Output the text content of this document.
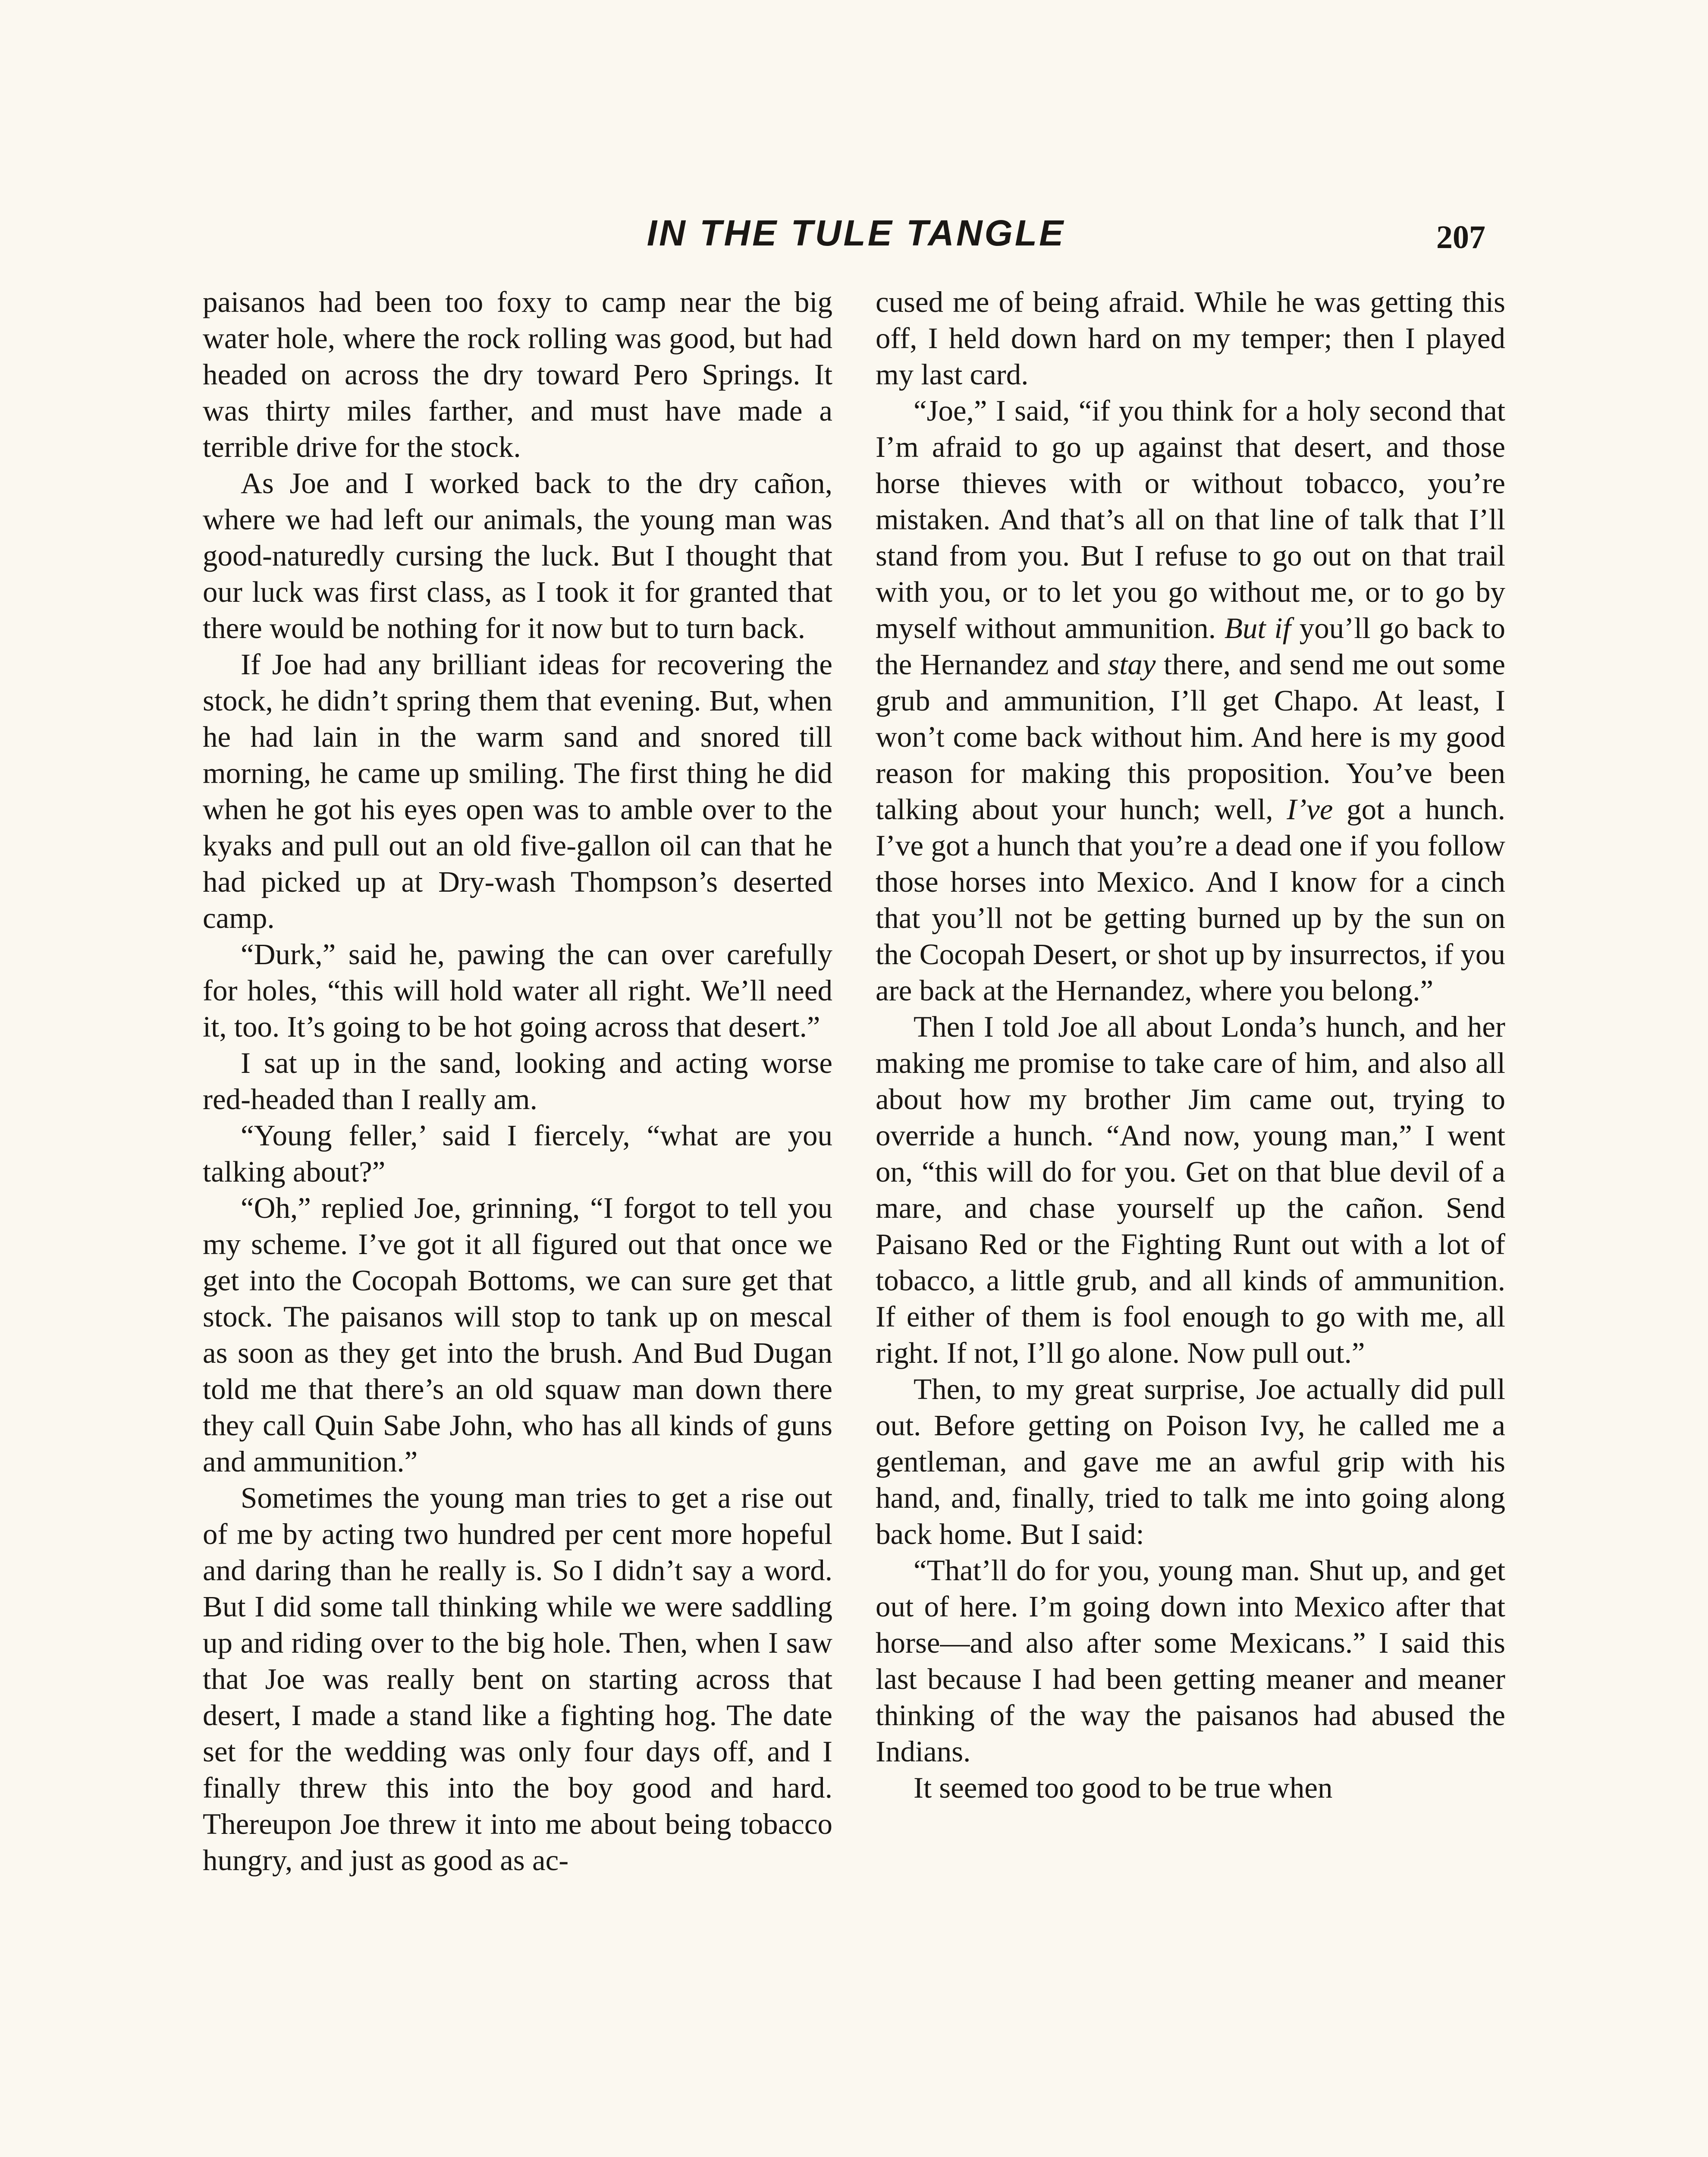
IN THE TULE TANGLE	207

paisanos had been too foxy to camp near the big water hole, where the rock rolling was good, but had headed on across the dry toward Pero Springs. It was thirty miles farther, and must have made a terrible drive for the stock.

As Joe and I worked back to the dry cañon, where we had left our animals, the young man was good-naturedly cursing the luck. But I thought that our luck was first class, as I took it for granted that there would be nothing for it now but to turn back.

If Joe had any brilliant ideas for recovering the stock, he didn’t spring them that evening. But, when he had lain in the warm sand and snored till morning, he came up smiling. The first thing he did when he got his eyes open was to amble over to the kyaks and pull out an old five-gallon oil can that he had picked up at Dry-wash Thompson’s deserted camp.

“Durk,” said he, pawing the can over carefully for holes, “this will hold water all right. We’ll need it, too. It’s going to be hot going across that desert.”

I sat up in the sand, looking and acting worse red-headed than I really am.

“Young feller,’ said I fiercely, “what are you talking about?”

“Oh,” replied Joe, grinning, “I forgot to tell you my scheme. I’ve got it all figured out that once we get into the Cocopah Bottoms, we can sure get that stock. The paisanos will stop to tank up on mescal as soon as they get into the brush. And Bud Dugan told me that there’s an old squaw man down there they call Quin Sabe John, who has all kinds of guns and ammunition.”

Sometimes the young man tries to get a rise out of me by acting two hundred per cent more hopeful and daring than he really is. So I didn’t say a word. But I did some tall thinking while we were saddling up and riding over to the big hole. Then, when I saw that Joe was really bent on starting across that desert, I made a stand like a fighting hog. The date set for the wedding was only four days off, and I finally threw this into the boy good and hard. Thereupon Joe threw it into me about being tobacco hungry, and just as good as ac-

cused me of being afraid. While he was getting this off, I held down hard on my temper; then I played my last card.

“Joe,” I said, “if you think for a holy second that I’m afraid to go up against that desert, and those horse thieves with or without tobacco, you’re mistaken. And that’s all on that line of talk that I’ll stand from you. But I refuse to go out on that trail with you, or to let you go without me, or to go by myself without ammunition. But if you’ll go back to the Hernandez and stay there, and send me out some grub and ammunition, I’ll get Chapo. At least, I won’t come back without him. And here is my good reason for making this proposition. You’ve been talking about your hunch; well, I’ve got a hunch. I’ve got a hunch that you’re a dead one if you follow those horses into Mexico. And I know for a cinch that you’ll not be getting burned up by the sun on the Cocopah Desert, or shot up by insurrectos, if you are back at the Hernandez, where you belong.”

Then I told Joe all about Londa’s hunch, and her making me promise to take care of him, and also all about how my brother Jim came out, trying to override a hunch. “And now, young man,” I went on, “this will do for you. Get on that blue devil of a mare, and chase yourself up the cañon. Send Paisano Red or the Fighting Runt out with a lot of tobacco, a little grub, and all kinds of ammunition. If either of them is fool enough to go with me, all right. If not, I’ll go alone. Now pull out.”

Then, to my great surprise, Joe actually did pull out. Before getting on Poison Ivy, he called me a gentleman, and gave me an awful grip with his hand, and, finally, tried to talk me into going along back home. But I said:

“That’ll do for you, young man. Shut up, and get out of here. I’m going down into Mexico after that horse—and also after some Mexicans.” I said this last because I had been getting meaner and meaner thinking of the way the paisanos had abused the Indians.

It seemed too good to be true when
